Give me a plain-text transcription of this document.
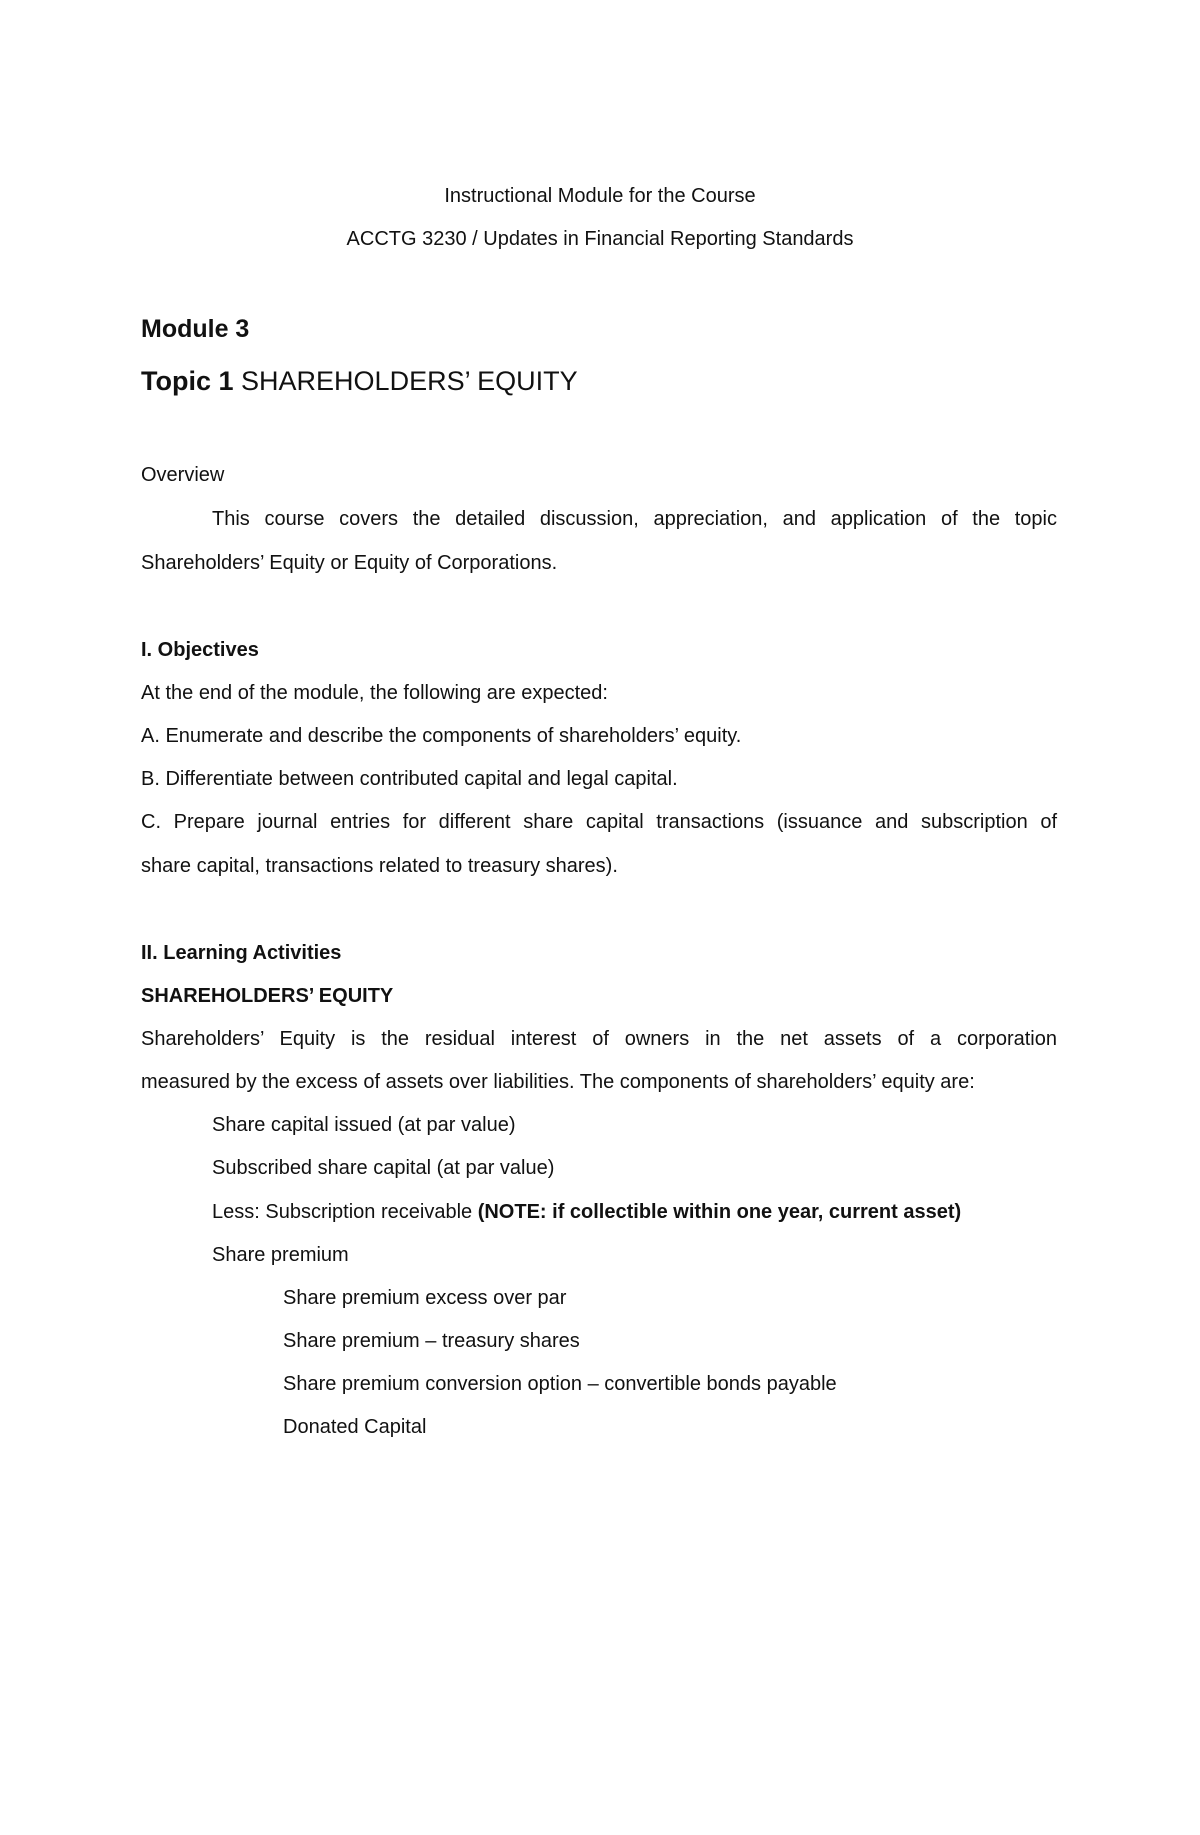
Instructional Module for the Course

ACCTG 3230 / Updates in Financial Reporting Standards

Module 3

Topic 1 SHAREHOLDERS’ EQUITY

Overview

This course covers the detailed discussion, appreciation, and application of the topic

Shareholders’ Equity or Equity of Corporations.

I. Objectives

At the end of the module, the following are expected:

A. Enumerate and describe the components of shareholders’ equity.

B. Differentiate between contributed capital and legal capital.

C. Prepare journal entries for different share capital transactions (issuance and subscription of

share capital, transactions related to treasury shares).

II. Learning Activities

SHAREHOLDERS’ EQUITY

Shareholders’ Equity is the residual interest of owners in the net assets of a corporation

measured by the excess of assets over liabilities. The components of shareholders’ equity are:

Share capital issued (at par value)

Subscribed share capital (at par value)

Less: Subscription receivable (NOTE: if collectible within one year, current asset)

Share premium

Share premium excess over par

Share premium – treasury shares

Share premium conversion option – convertible bonds payable

Donated Capital
